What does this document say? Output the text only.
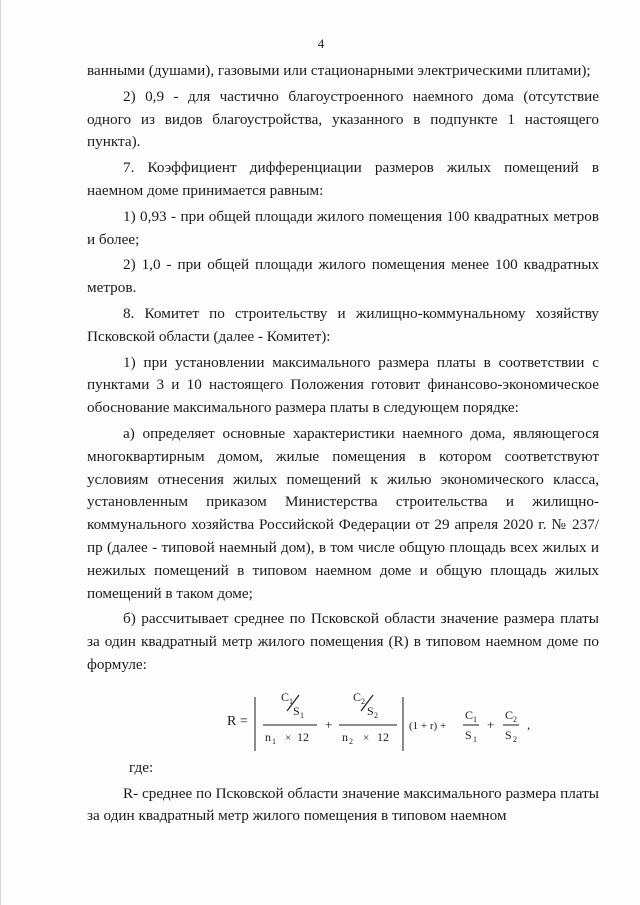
4

ванными (душами), газовыми или стационарными электрическими плитами);

2) 0,9 - для частично благоустроенного наемного дома (отсутствие одного из видов благоустройства, указанного в подпункте 1 настоящего пункта).

7. Коэффициент дифференциации размеров жилых помещений в наемном доме принимается равным:

1) 0,93 - при общей площади жилого помещения 100 квадратных метров и более;

2) 1,0 - при общей площади жилого помещения менее 100 квадратных метров.

8. Комитет по строительству и жилищно-коммунальному хозяйству Псковской области (далее - Комитет):

1) при установлении максимального размера платы в соответствии с пунктами 3 и 10 настоящего Положения готовит финансово-экономическое обоснование максимального размера платы в следующем порядке:

а) определяет основные характеристики наемного дома, являющегося многоквартирным домом, жилые помещения в котором соответствуют условиям отнесения жилых помещений к жилью экономического класса, установленным приказом Министерства строительства и жилищно-коммунального хозяйства Российской Федерации от 29 апреля 2020 г. № 237/пр (далее - типовой наемный дом), в том числе общую площадь всех жилых и нежилых помещений в типовом наемном доме и общую площадь жилых помещений в таком доме;

б) рассчитывает среднее по Псковской области значение размера платы за один квадратный метр жилого помещения (R) в типовом наемном доме по формуле:

R =
C 1
S 1
n 1 × 12
+
C 2
S 2
n 2 × 12
(1 + r) +
C 1
S 1
+
C 2
S 2
,

где:

R- среднее по Псковской области значение максимального размера платы за один квадратный метр жилого помещения в типовом наемном
